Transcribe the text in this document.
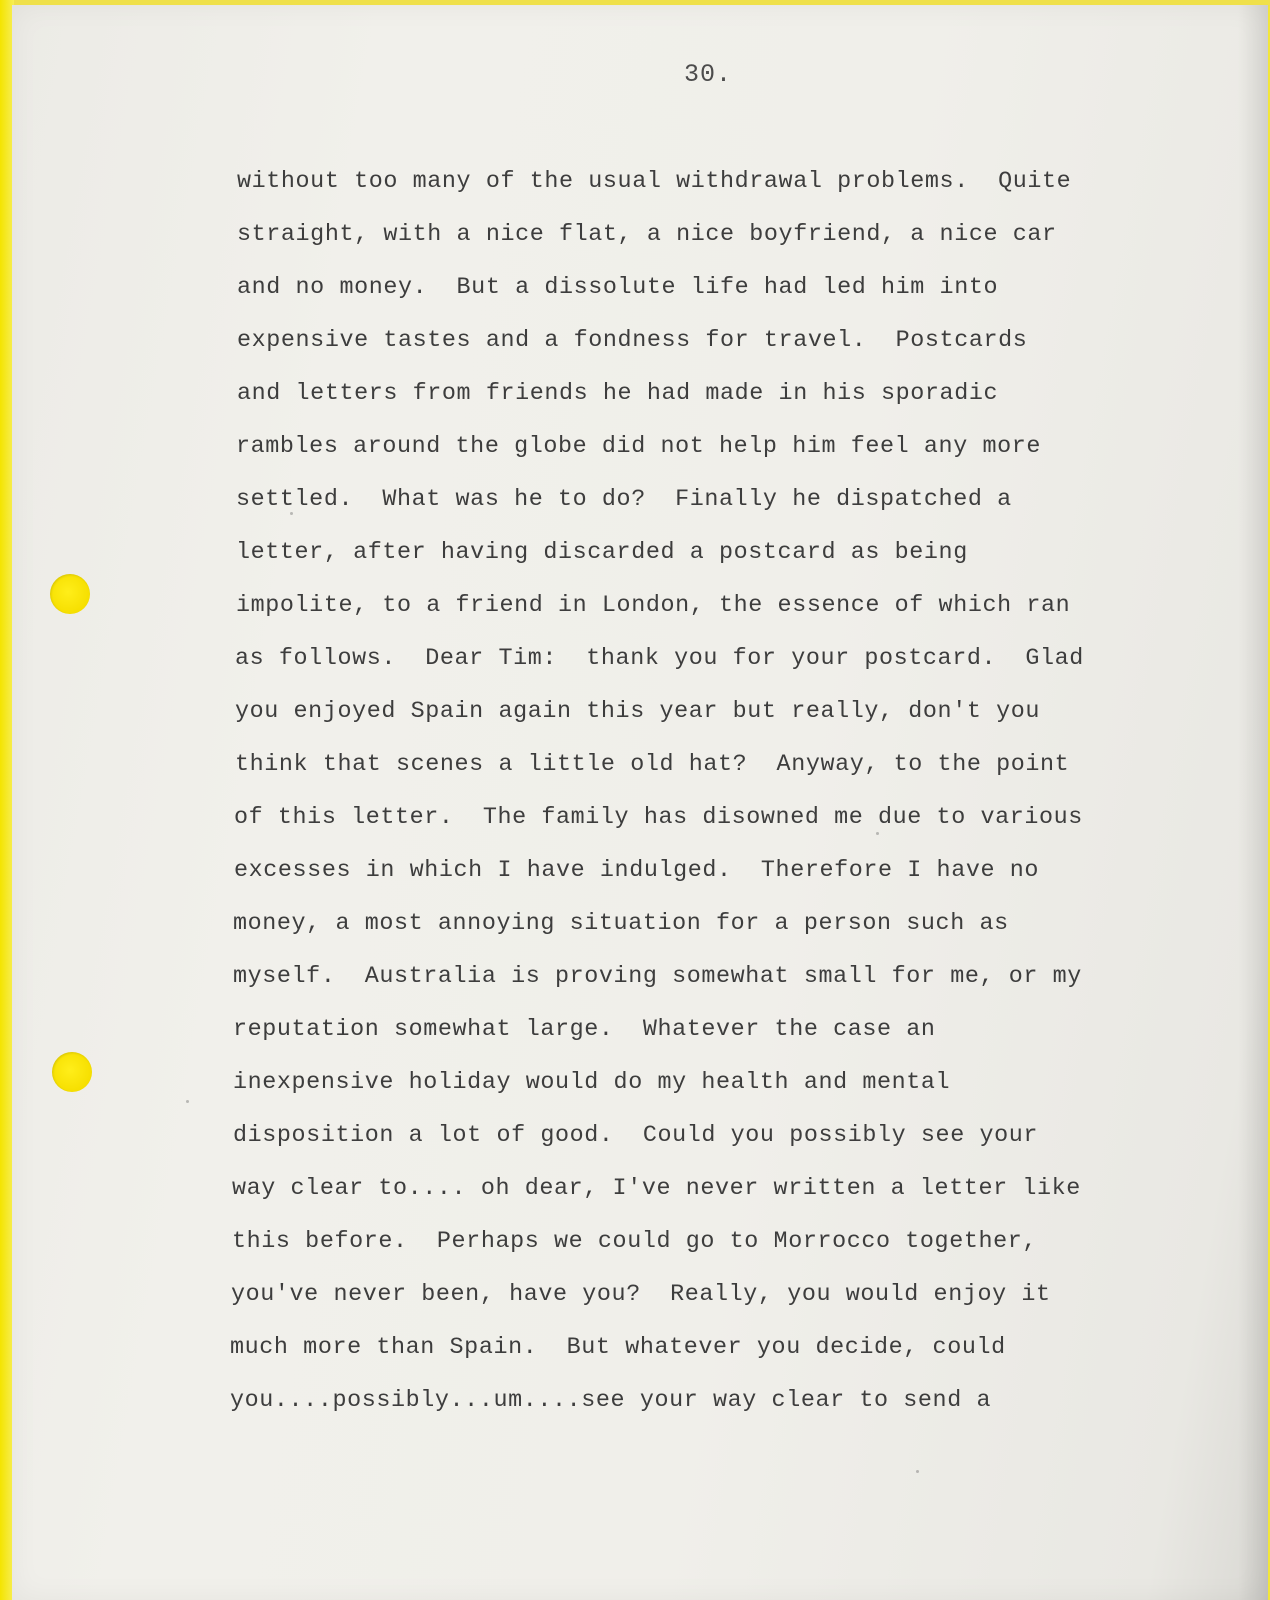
30.
without too many of the usual withdrawal problems.  Quite
straight, with a nice flat, a nice boyfriend, a nice car
and no money.  But a dissolute life had led him into
expensive tastes and a fondness for travel.  Postcards
and letters from friends he had made in his sporadic
rambles around the globe did not help him feel any more
settled.  What was he to do?  Finally he dispatched a
letter, after having discarded a postcard as being
impolite, to a friend in London, the essence of which ran
as follows.  Dear Tim:  thank you for your postcard.  Glad
you enjoyed Spain again this year but really, don't you
think that scenes a little old hat?  Anyway, to the point
of this letter.  The family has disowned me due to various
excesses in which I have indulged.  Therefore I have no
money, a most annoying situation for a person such as
myself.  Australia is proving somewhat small for me, or my
reputation somewhat large.  Whatever the case an
inexpensive holiday would do my health and mental
disposition a lot of good.  Could you possibly see your
way clear to.... oh dear, I've never written a letter like
this before.  Perhaps we could go to Morrocco together,
you've never been, have you?  Really, you would enjoy it
much more than Spain.  But whatever you decide, could
you....possibly...um....see your way clear to send a
